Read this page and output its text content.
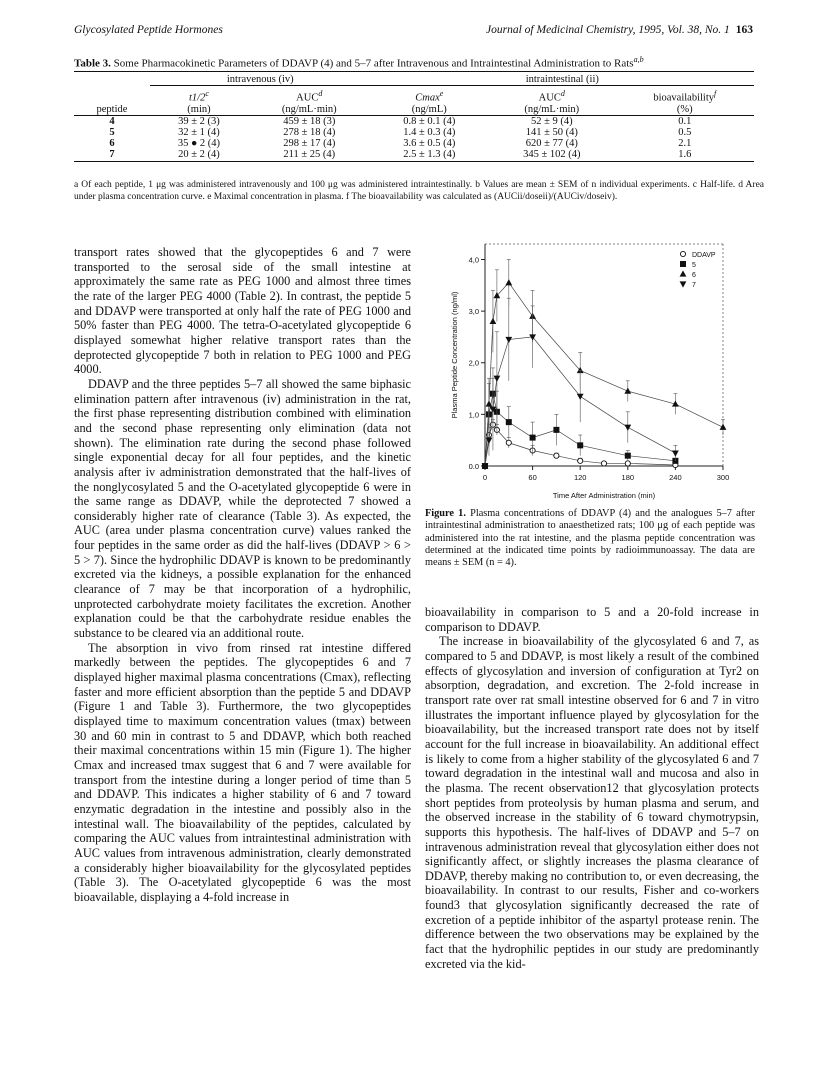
Glycosylated Peptide Hormones	Journal of Medicinal Chemistry, 1995, Vol. 38, No. 1 163
Table 3. Some Pharmacokinetic Parameters of DDAVP (4) and 5–7 after Intravenous and Intraintestinal Administration to Rats$^{a,b}$
	intravenous (iv)		intraintestinal (ii)		
	t1/2$^c$	AUC$^d$	Cmax$^e$	AUC$^d$	bioavailability$^f$
peptide	(min)	(ng/mL·min)	(ng/mL)	(ng/mL·min)	(%)
4	39 ± 2 (3)	459 ± 18 (3)	0.8 ± 0.1 (4)	52 ± 9 (4)	0.1
5	32 ± 1 (4)	278 ± 18 (4)	1.4 ± 0.3 (4)	141 ± 50 (4)	0.5
6	35 ● 2 (4)	298 ± 17 (4)	3.6 ± 0.5 (4)	620 ± 77 (4)	2.1
7	20 ± 2 (4)	211 ± 25 (4)	2.5 ± 1.3 (4)	345 ± 102 (4)	1.6
a Of each peptide, 1 μg was administered intravenously and 100 μg was administered intraintestinally. b Values are mean ± SEM of n individual experiments. c Half-life. d Area under plasma concentration curve. e Maximal concentration in plasma. f The bioavailability was calculated as (AUCii/doseii)/(AUCiv/doseiv).

transport rates showed that the glycopeptides 6 and 7 were transported to the serosal side of the small intestine at approximately the same rate as PEG 1000 and almost three times the rate of the larger PEG 4000 (Table 2). In contrast, the peptide 5 and DDAVP were transported at only half the rate of PEG 1000 and 50% faster than PEG 4000. The tetra-O-acetylated glycopeptide 6 displayed somewhat higher relative transport rates than the deprotected glycopeptide 7 both in relation to PEG 1000 and PEG 4000.

DDAVP and the three peptides 5–7 all showed the same biphasic elimination pattern after intravenous (iv) administration in the rat, the first phase representing distribution combined with elimination and the second phase representing only elimination (data not shown). The elimination rate during the second phase followed single exponential decay for all four peptides, and the kinetic analysis after iv administration demonstrated that the half-lives of the nonglycosylated 5 and the O-acetylated glycopeptide 6 were in the same range as DDAVP, while the deprotected 7 showed a considerably higher rate of clearance (Table 3). As expected, the AUC (area under plasma concentration curve) values ranked the four peptides in the same order as did the half-lives (DDAVP > 6 > 5 > 7). Since the hydrophilic DDAVP is known to be predominantly excreted via the kidneys, a possible explanation for the enhanced clearance of 7 may be that incorporation of a hydrophilic, unprotected carbohydrate moiety facilitates the excretion. Another explanation could be that the carbohydrate residue enables the substance to be cleared via an additional route.

The absorption in vivo from rinsed rat intestine differed markedly between the peptides. The glycopeptides 6 and 7 displayed higher maximal plasma concentrations (Cmax), reflecting faster and more efficient absorption than the peptide 5 and DDAVP (Figure 1 and Table 3). Furthermore, the two glycopeptides displayed time to maximum concentration values (tmax) between 30 and 60 min in contrast to 5 and DDAVP, which both reached their maximal concentrations within 15 min (Figure 1). The higher Cmax and increased tmax suggest that 6 and 7 were available for transport from the intestine during a longer period of time than 5 and DDAVP. This indicates a higher stability of 6 and 7 toward enzymatic degradation in the intestine and possibly also in the intestinal wall. The bioavailability of the peptides, calculated by comparing the AUC values from intraintestinal administration with AUC values from intravenous administration, clearly demonstrated a considerably higher bioavailability for the glycosylated peptides (Table 3). The O-acetylated glycopeptide 6 was the most bioavailable, displaying a 4-fold increase in

0	60	120	180	240	300
0.0
1,0
2,0
3,0
4,0
Time After Administration (min)
Plasma Peptide Concentration (ng/ml)
DDAVP
5
6
7
Figure 1. Plasma concentrations of DDAVP (4) and the analogues 5–7 after intraintestinal administration to anaesthetized rats; 100 μg of each peptide was administered into the rat intestine, and the plasma peptide concentration was determined at the indicated time points by radioimmunoassay. The data are means ± SEM (n = 4).

bioavailability in comparison to 5 and a 20-fold increase in comparison to DDAVP.

The increase in bioavailability of the glycosylated 6 and 7, as compared to 5 and DDAVP, is most likely a result of the combined effects of glycosylation and inversion of configuration at Tyr2 on absorption, degradation, and excretion. The 2-fold increase in transport rate over rat small intestine observed for 6 and 7 in vitro illustrates the important influence played by glycosylation for the bioavailability, but the increased transport rate does not by itself account for the full increase in bioavailability. An additional effect is likely to come from a higher stability of the glycosylated 6 and 7 toward degradation in the intestinal wall and mucosa and also in the plasma. The recent observation12 that glycosylation protects short peptides from proteolysis by human plasma and serum, and the observed increase in the stability of 6 toward chymotrypsin, supports this hypothesis. The half-lives of DDAVP and 5–7 on intravenous administration reveal that glycosylation either does not significantly affect, or slightly increases the plasma clearance of DDAVP, thereby making no contribution to, or even decreasing, the bioavailability. In contrast to our results, Fisher and co-workers found3 that glycosylation significantly decreased the rate of excretion of a peptide inhibitor of the aspartyl protease renin. The difference between the two observations may be explained by the fact that the hydrophilic peptides in our study are predominantly excreted via the kid-
